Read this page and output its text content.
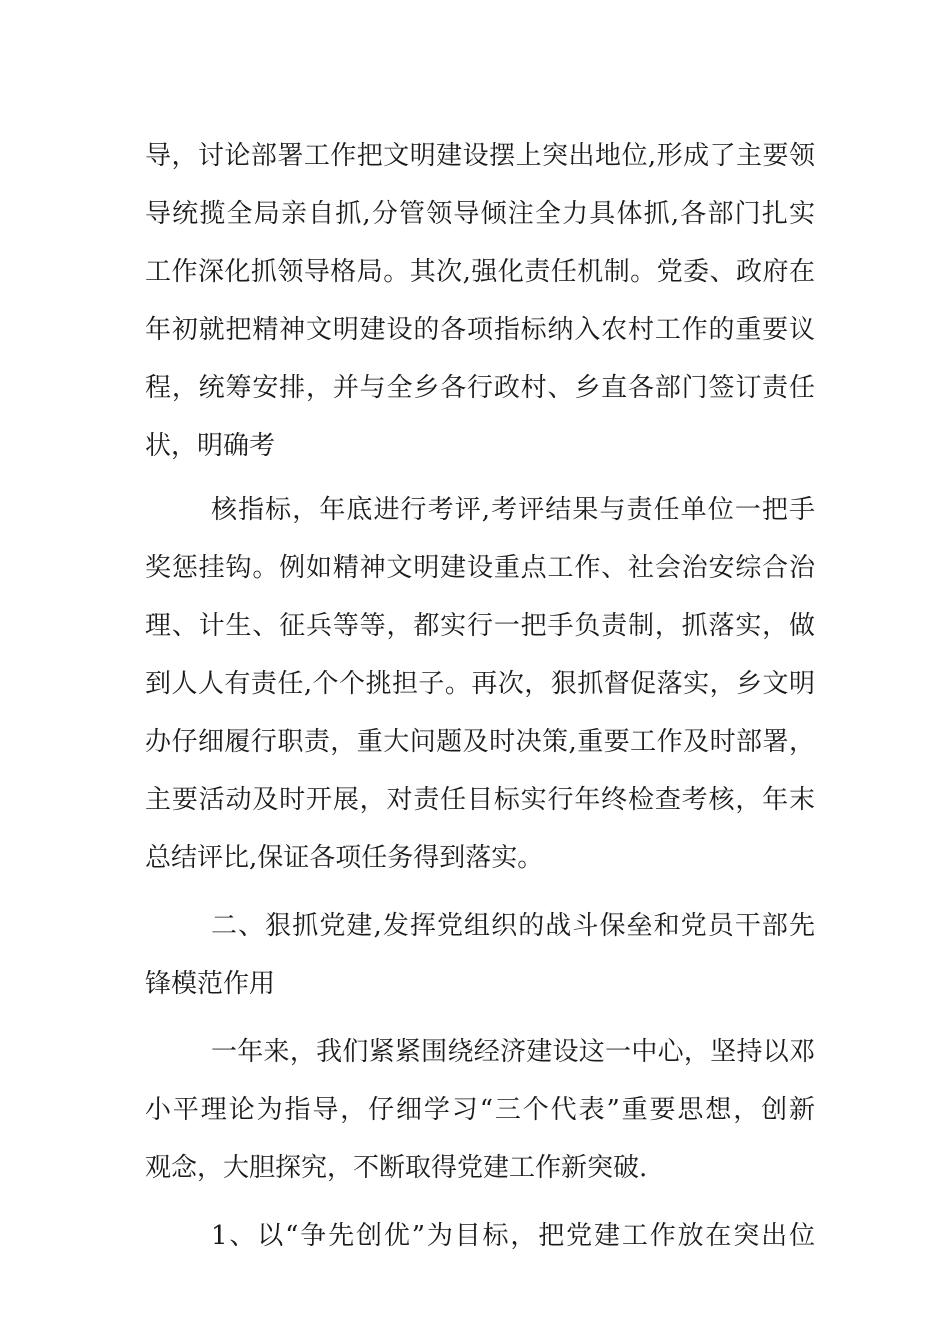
导，讨论部署工作把文明建设摆上突出地位,形成了主要领
导统揽全局亲自抓,分管领导倾注全力具体抓,各部门扎实
工作深化抓领导格局。其次,强化责任机制。党委、政府在
年初就把精神文明建设的各项指标纳入农村工作的重要议
程，统筹安排，并与全乡各行政村、乡直各部门签订责任
状，明确考
核指标，年底进行考评,考评结果与责任单位一把手
奖惩挂钩。例如精神文明建设重点工作、社会治安综合治
理、计生、征兵等等，都实行一把手负责制，抓落实，做
到人人有责任,个个挑担子。再次，狠抓督促落实，乡文明
办仔细履行职责，重大问题及时决策,重要工作及时部署，
主要活动及时开展，对责任目标实行年终检查考核，年末
总结评比,保证各项任务得到落实。
二、狠抓党建,发挥党组织的战斗保垒和党员干部先
锋模范作用
一年来，我们紧紧围绕经济建设这一中心，坚持以邓
小平理论为指导，仔细学习“三个代表”重要思想，创新
观念，大胆探究，不断取得党建工作新突破.
1、以“争先创优”为目标，把党建工作放在突出位
